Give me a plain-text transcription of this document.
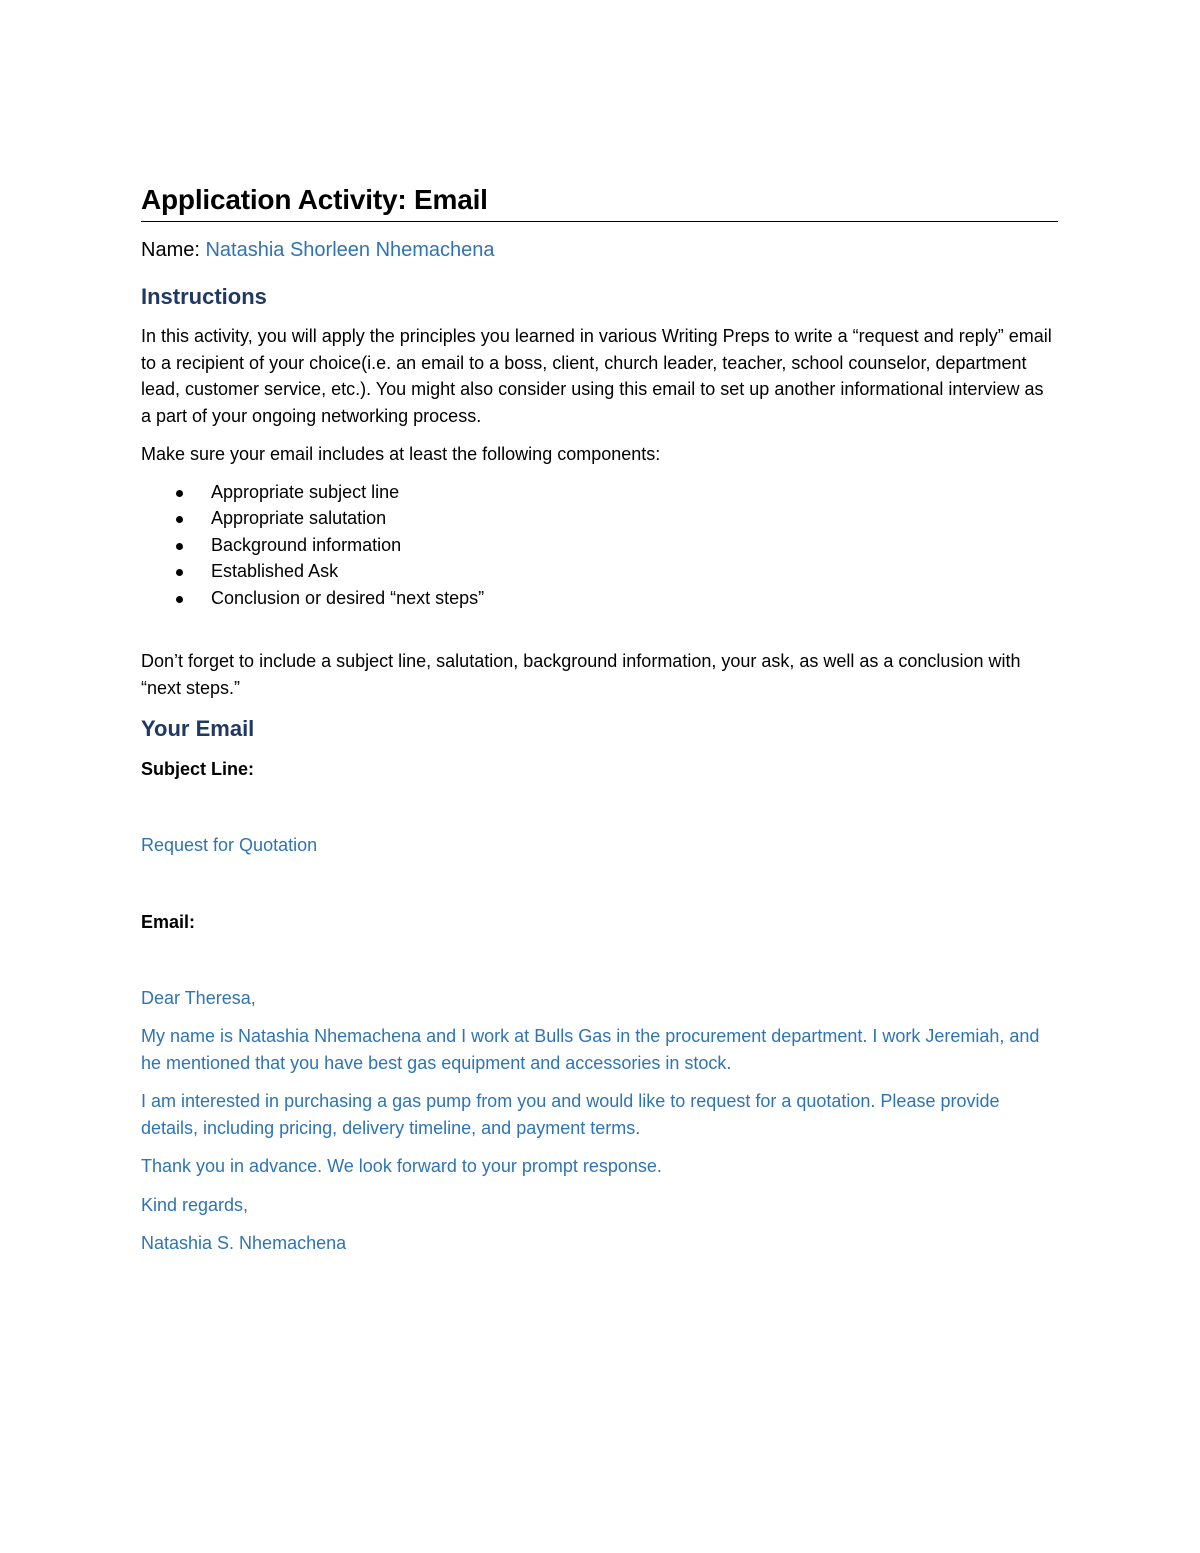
Application Activity: Email
Name: Natashia Shorleen Nhemachena
Instructions

In this activity, you will apply the principles you learned in various Writing Preps to write a “request and reply” email to a recipient of your choice(i.e. an email to a boss, client, church leader, teacher, school counselor, department lead, customer service, etc.). You might also consider using this email to set up another informational interview as a part of your ongoing networking process.

Make sure your email includes at least the following components:

Appropriate subject line
Appropriate salutation
Background information
Established Ask
Conclusion or desired “next steps”

Don’t forget to include a subject line, salutation, background information, your ask, as well as a conclusion with “next steps.”

Your Email

Subject Line:

Request for Quotation

Email:

Dear Theresa,

My name is Natashia Nhemachena and I work at Bulls Gas in the procurement department. I work Jeremiah, and he mentioned that you have best gas equipment and accessories in stock.

I am interested in purchasing a gas pump from you and would like to request for a quotation. Please provide details, including pricing, delivery timeline, and payment terms.

Thank you in advance. We look forward to your prompt response.

Kind regards,

Natashia S. Nhemachena
